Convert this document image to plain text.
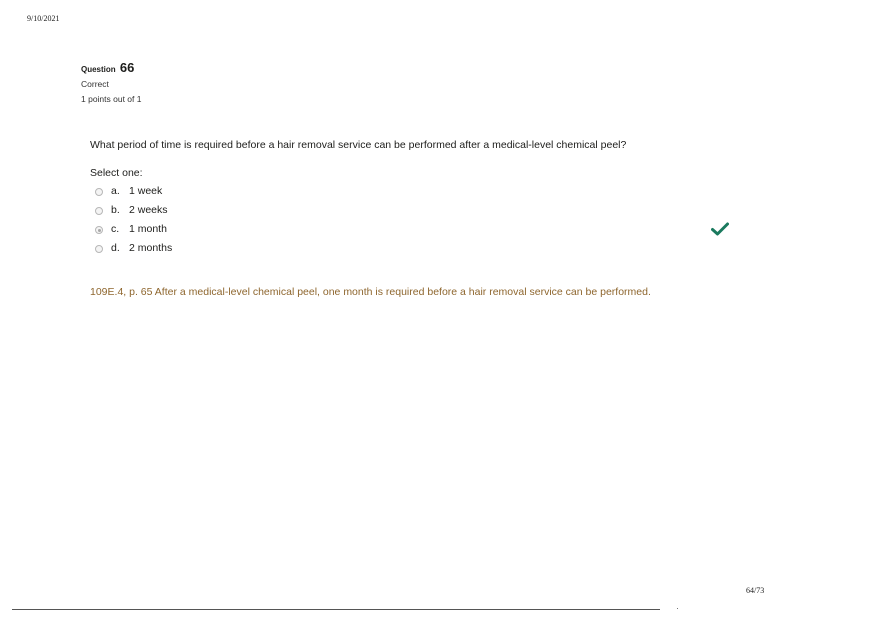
9/10/2021
Question 66
Correct
1 points out of 1
What period of time is required before a hair removal service can be performed after a medical-level chemical peel?
Select one:
a. 1 week
b. 2 weeks
c. 1 month
d. 2 months
109E.4, p. 65 After a medical-level chemical peel, one month is required before a hair removal service can be performed.
64/73
